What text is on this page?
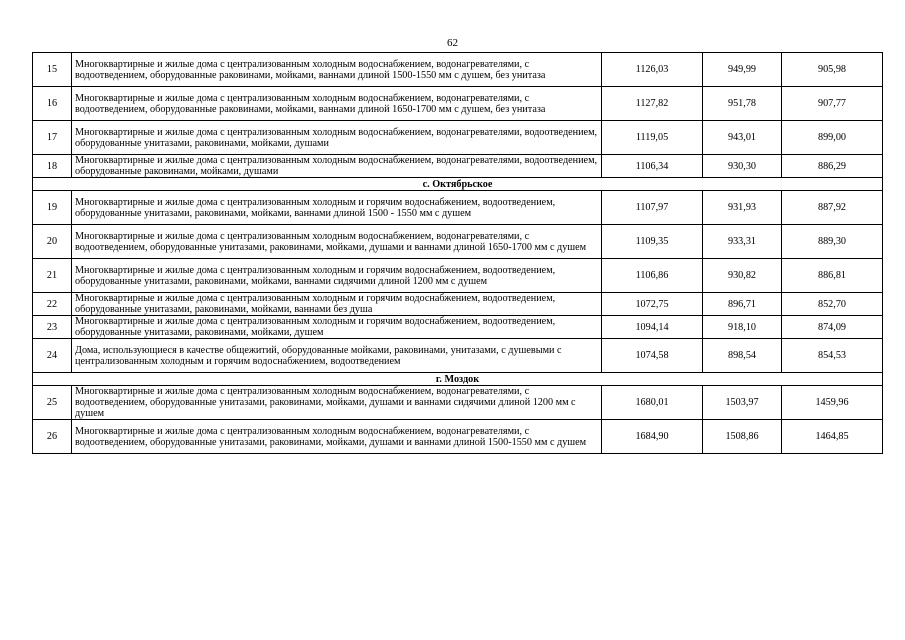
62
15	Многоквартирные и жилые дома с централизованным холодным водоснабжением, водонагревателями, с водоотведением, оборудованные раковинами, мойками, ваннами длиной 1500-1550 мм с душем, без унитаза	1126,03	949,99	905,98
16	Многоквартирные и жилые дома с централизованным холодным водоснабжением, водонагревателями, с водоотведением, оборудованные раковинами, мойками, ваннами длиной 1650-1700 мм с душем, без унитаза	1127,82	951,78	907,77
17	Многоквартирные и жилые дома с централизованным холодным водоснабжением, водонагревателями, водоотведением, оборудованные унитазами, раковинами, мойками, душами	1119,05	943,01	899,00
18	Многоквартирные и жилые дома с централизованным холодным водоснабжением, водонагревателями, водоотведением, оборудованные раковинами, мойками, душами	1106,34	930,30	886,29
с. Октябрьское				
19	Многоквартирные и жилые дома с централизованным холодным и горячим водоснабжением, водоотведением, оборудованные унитазами, раковинами, мойками, ваннами длиной 1500 - 1550 мм с душем	1107,97	931,93	887,92
20	Многоквартирные и жилые дома с централизованным холодным водоснабжением, водонагревателями, с водоотведением, оборудованные унитазами, раковинами, мойками, душами и ваннами длиной 1650-1700 мм с душем	1109,35	933,31	889,30
21	Многоквартирные и жилые дома с централизованным холодным и горячим водоснабжением, водоотведением, оборудованные унитазами, раковинами, мойками, ваннами сидячими длиной 1200 мм с душем	1106,86	930,82	886,81
22	Многоквартирные и жилые дома с централизованным холодным и горячим водоснабжением, водоотведением, оборудованные унитазами, раковинами, мойками, ваннами без душа	1072,75	896,71	852,70
23	Многоквартирные и жилые дома с централизованным холодным и горячим водоснабжением, водоотведением, оборудованные унитазами, раковинами, мойками, душем	1094,14	918,10	874,09
24	Дома, использующиеся в качестве общежитий, оборудованные мойками, раковинами, унитазами, с душевыми с централизованным холодным и горячим водоснабжением, водоотведением	1074,58	898,54	854,53
г. Моздок				
25	Многоквартирные и жилые дома с централизованным холодным водоснабжением, водонагревателями, с водоотведением, оборудованные унитазами, раковинами, мойками, душами и ваннами сидячими длиной 1200 мм с душем	1680,01	1503,97	1459,96
26	Многоквартирные и жилые дома с централизованным холодным водоснабжением, водонагревателями, с водоотведением, оборудованные унитазами, раковинами, мойками, душами и ваннами длиной 1500-1550 мм с душем	1684,90	1508,86	1464,85
